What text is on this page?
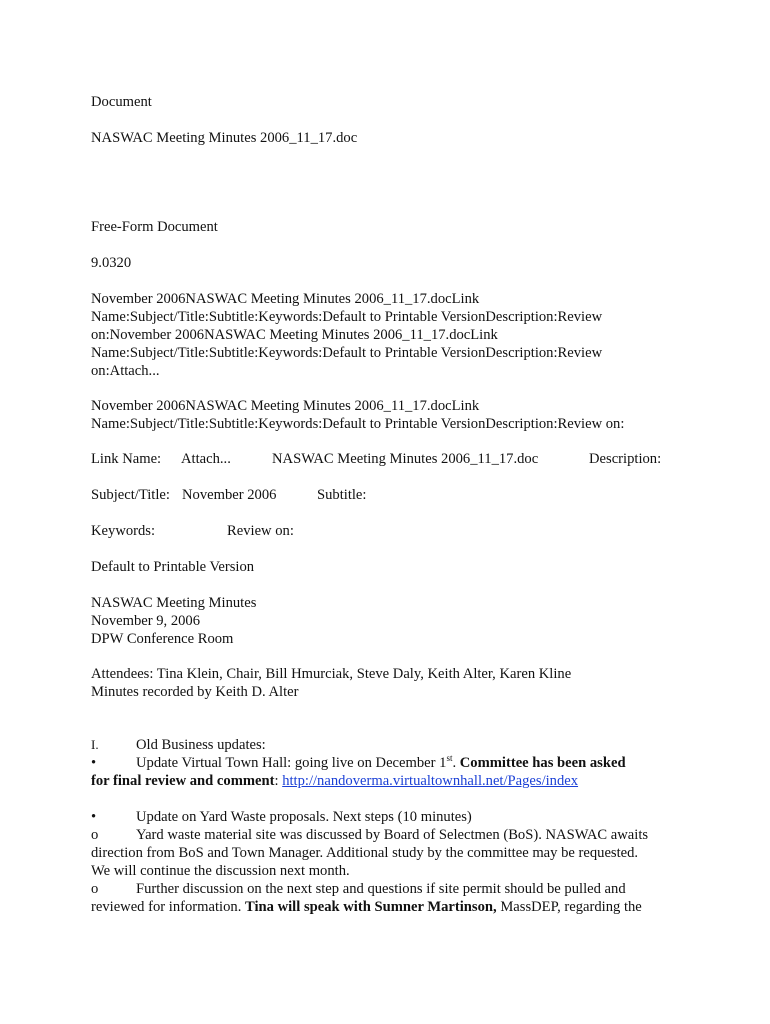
Document
NASWAC Meeting Minutes 2006_11_17.doc
Free-Form Document
9.0320
November 2006NASWAC Meeting Minutes 2006_11_17.docLink
Name:Subject/Title:Subtitle:Keywords:Default to Printable VersionDescription:Review
on:November 2006NASWAC Meeting Minutes 2006_11_17.docLink
Name:Subject/Title:Subtitle:Keywords:Default to Printable VersionDescription:Review
on:Attach...
November 2006NASWAC Meeting Minutes 2006_11_17.docLink
Name:Subject/Title:Subtitle:Keywords:Default to Printable VersionDescription:Review on:
Link Name: Attach...	NASWAC Meeting Minutes 2006_11_17.doc	Description:
Subject/Title: November 2006	Subtitle:
Keywords:	Review on:
Default to Printable Version
NASWAC Meeting Minutes
November 9, 2006
DPW Conference Room
Attendees: Tina Klein, Chair, Bill Hmurciak, Steve Daly, Keith Alter, Karen Kline
Minutes recorded by Keith D. Alter
I.	Old Business updates:
•	Update Virtual Town Hall: going live on December 1st. Committee has been asked
for final review and comment: http://nandoverma.virtualtownhall.net/Pages/index
•	Update on Yard Waste proposals. Next steps (10 minutes)
o	Yard waste material site was discussed by Board of Selectmen (BoS). NASWAC awaits
direction from BoS and Town Manager. Additional study by the committee may be requested.
We will continue the discussion next month.
o	Further discussion on the next step and questions if site permit should be pulled and
reviewed for information. Tina will speak with Sumner Martinson, MassDEP, regarding the
